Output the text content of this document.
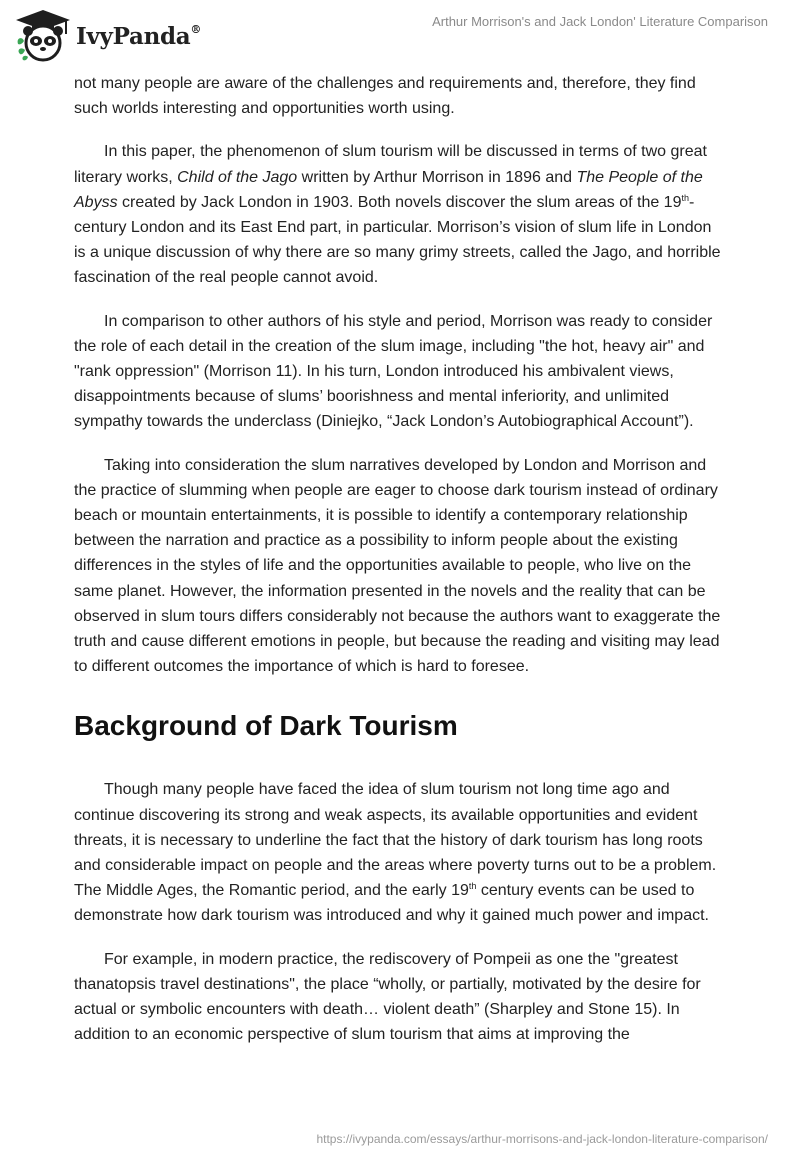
IvyPanda®
Arthur Morrison's and Jack London' Literature Comparison

not many people are aware of the challenges and requirements and, therefore, they find such worlds interesting and opportunities worth using.

In this paper, the phenomenon of slum tourism will be discussed in terms of two great literary works, Child of the Jago written by Arthur Morrison in 1896 and The People of the Abyss created by Jack London in 1903. Both novels discover the slum areas of the 19th-century London and its East End part, in particular. Morrison’s vision of slum life in London is a unique discussion of why there are so many grimy streets, called the Jago, and horrible fascination of the real people cannot avoid.

In comparison to other authors of his style and period, Morrison was ready to consider the role of each detail in the creation of the slum image, including "the hot, heavy air" and "rank oppression" (Morrison 11). In his turn, London introduced his ambivalent views, disappointments because of slums’ boorishness and mental inferiority, and unlimited sympathy towards the underclass (Diniejko, “Jack London’s Autobiographical Account”).

Taking into consideration the slum narratives developed by London and Morrison and the practice of slumming when people are eager to choose dark tourism instead of ordinary beach or mountain entertainments, it is possible to identify a contemporary relationship between the narration and practice as a possibility to inform people about the existing differences in the styles of life and the opportunities available to people, who live on the same planet. However, the information presented in the novels and the reality that can be observed in slum tours differs considerably not because the authors want to exaggerate the truth and cause different emotions in people, but because the reading and visiting may lead to different outcomes the importance of which is hard to foresee.

Background of Dark Tourism

Though many people have faced the idea of slum tourism not long time ago and continue discovering its strong and weak aspects, its available opportunities and evident threats, it is necessary to underline the fact that the history of dark tourism has long roots and considerable impact on people and the areas where poverty turns out to be a problem. The Middle Ages, the Romantic period, and the early 19th century events can be used to demonstrate how dark tourism was introduced and why it gained much power and impact.

For example, in modern practice, the rediscovery of Pompeii as one the "greatest thanatopsis travel destinations", the place “wholly, or partially, motivated by the desire for actual or symbolic encounters with death… violent death” (Sharpley and Stone 15). In addition to an economic perspective of slum tourism that aims at improving the

https://ivypanda.com/essays/arthur-morrisons-and-jack-london-literature-comparison/
